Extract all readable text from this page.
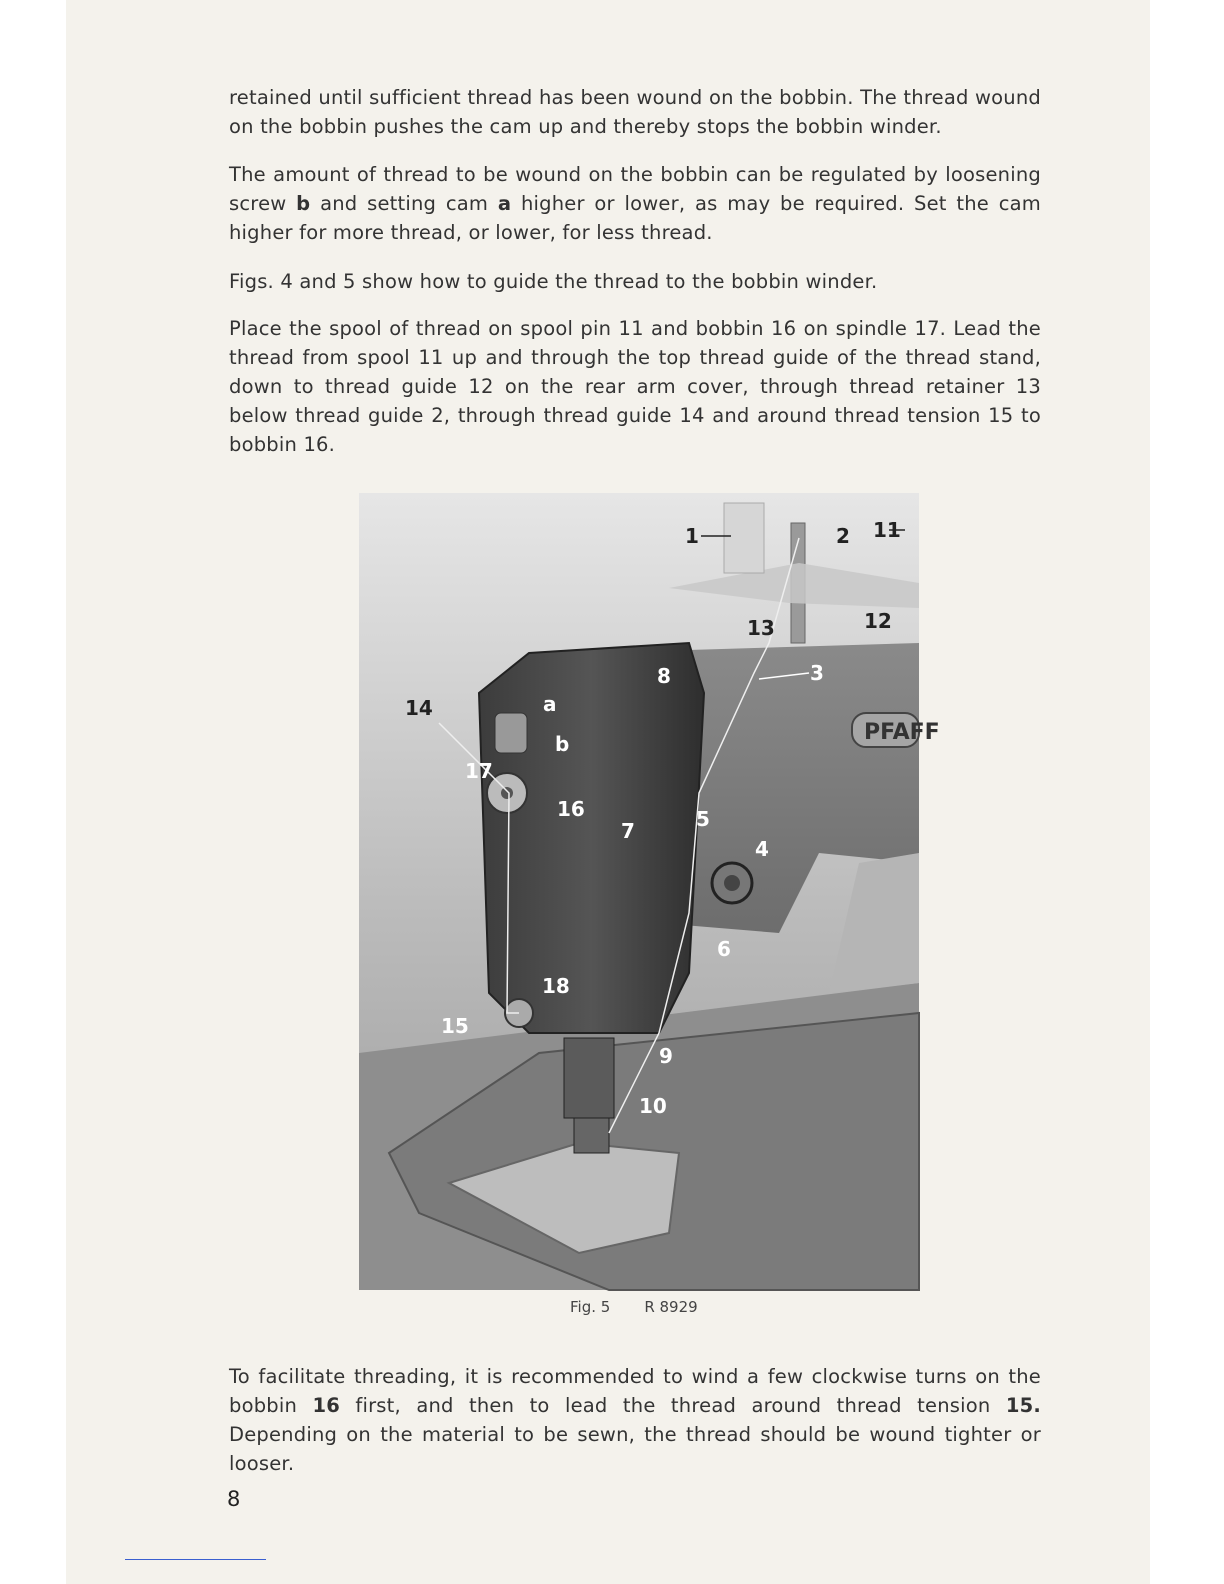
retained until sufficient thread has been wound on the bobbin. The thread wound on the bobbin pushes the cam up and thereby stops the bobbin winder.

The amount of thread to be wound on the bobbin can be regulated by loosening screw b and setting cam a higher or lower, as may be required. Set the cam higher for more thread, or lower, for less thread.

Figs. 4 and 5 show how to guide the thread to the bobbin winder.

Place the spool of thread on spool pin 11 and bobbin 16 on spindle 17. Lead the thread from spool 11 up and through the top thread guide of the thread stand, down to thread guide 12 on the rear arm cover, through thread retainer 13 below thread guide 2, through thread guide 14 and around thread tension 15 to bobbin 16.

PFAFF
1	2 11
13	12
14
3
a
b
8
17
16
7	5
4
6
18
15
9
10
Fig. 5 R 8929

To facilitate threading, it is recommended to wind a few clockwise turns on the bobbin 16 first, and then to lead the thread around thread tension 15. Depending on the material to be sewn, the thread should be wound tighter or looser.

8
